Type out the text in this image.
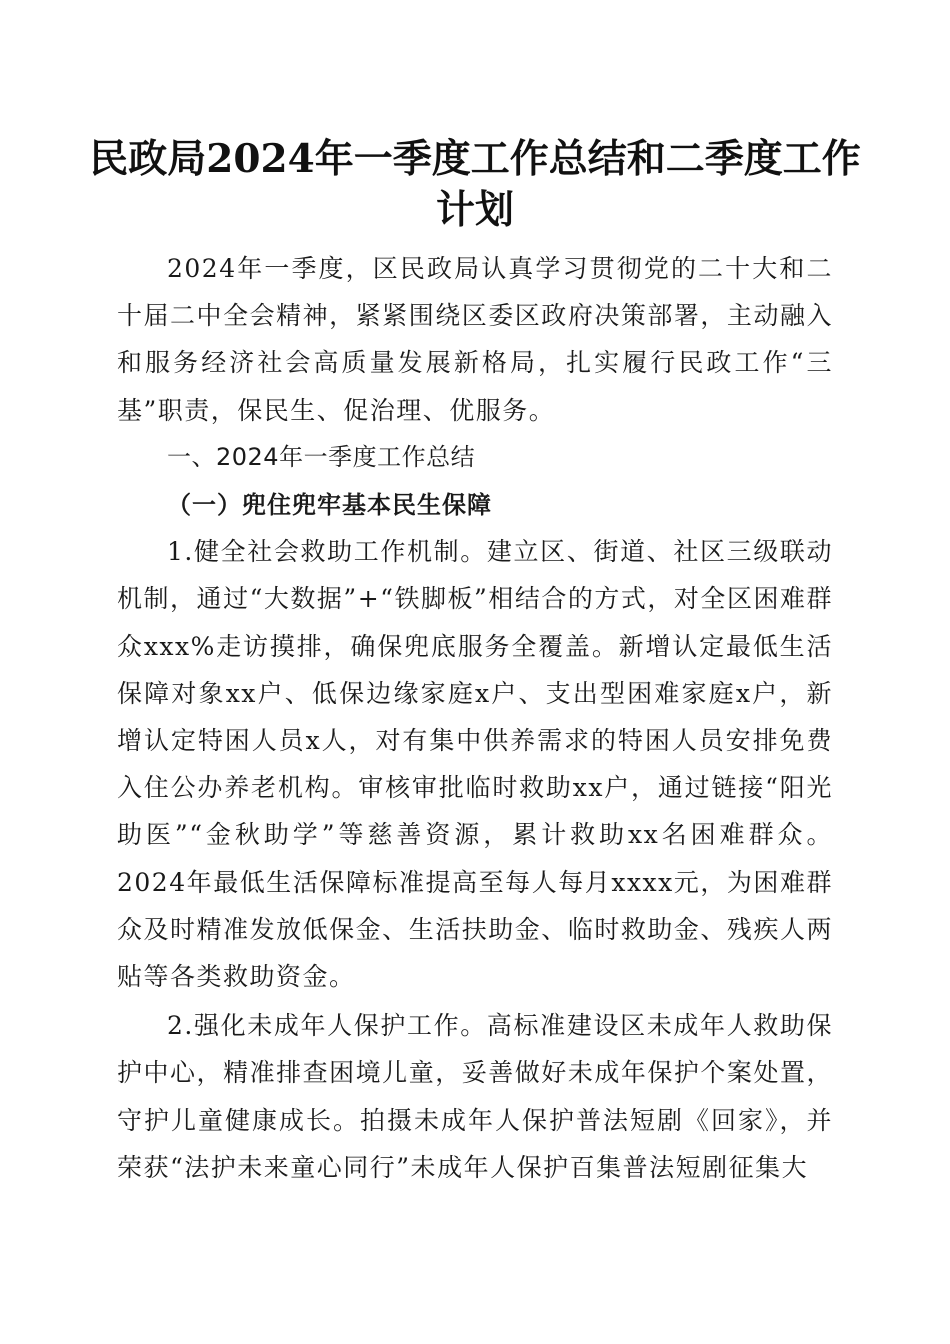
民政局2024年一季度工作总结和二季度工作
计划

2024年一季度，区民政局认真学习贯彻党的二十大和二十届二中全会精神，紧紧围绕区委区政府决策部署，主动融入和服务经济社会高质量发展新格局，扎实履行民政工作“三基”职责，保民生、促治理、优服务。

一、2024年一季度工作总结

（一）兜住兜牢基本民生保障

1.健全社会救助工作机制。建立区、街道、社区三级联动机制，通过“大数据”+“铁脚板”相结合的方式，对全区困难群众xxx%走访摸排，确保兜底服务全覆盖。新增认定最低生活保障对象xx户、低保边缘家庭x户、支出型困难家庭x户，新增认定特困人员x人，对有集中供养需求的特困人员安排免费入住公办养老机构。审核审批临时救助xx户，通过链接“阳光助医”“金秋助学”等慈善资源，累计救助xx名困难群众。2024年最低生活保障标准提高至每人每月xxxx元，为困难群众及时精准发放低保金、生活扶助金、临时救助金、残疾人两贴等各类救助资金。

2.强化未成年人保护工作。高标准建设区未成年人救助保护中心，精准排查困境儿童，妥善做好未成年保护个案处置，守护儿童健康成长。拍摄未成年人保护普法短剧《回家》，并荣获“法护未来童心同行”未成年人保护百集普法短剧征集大
